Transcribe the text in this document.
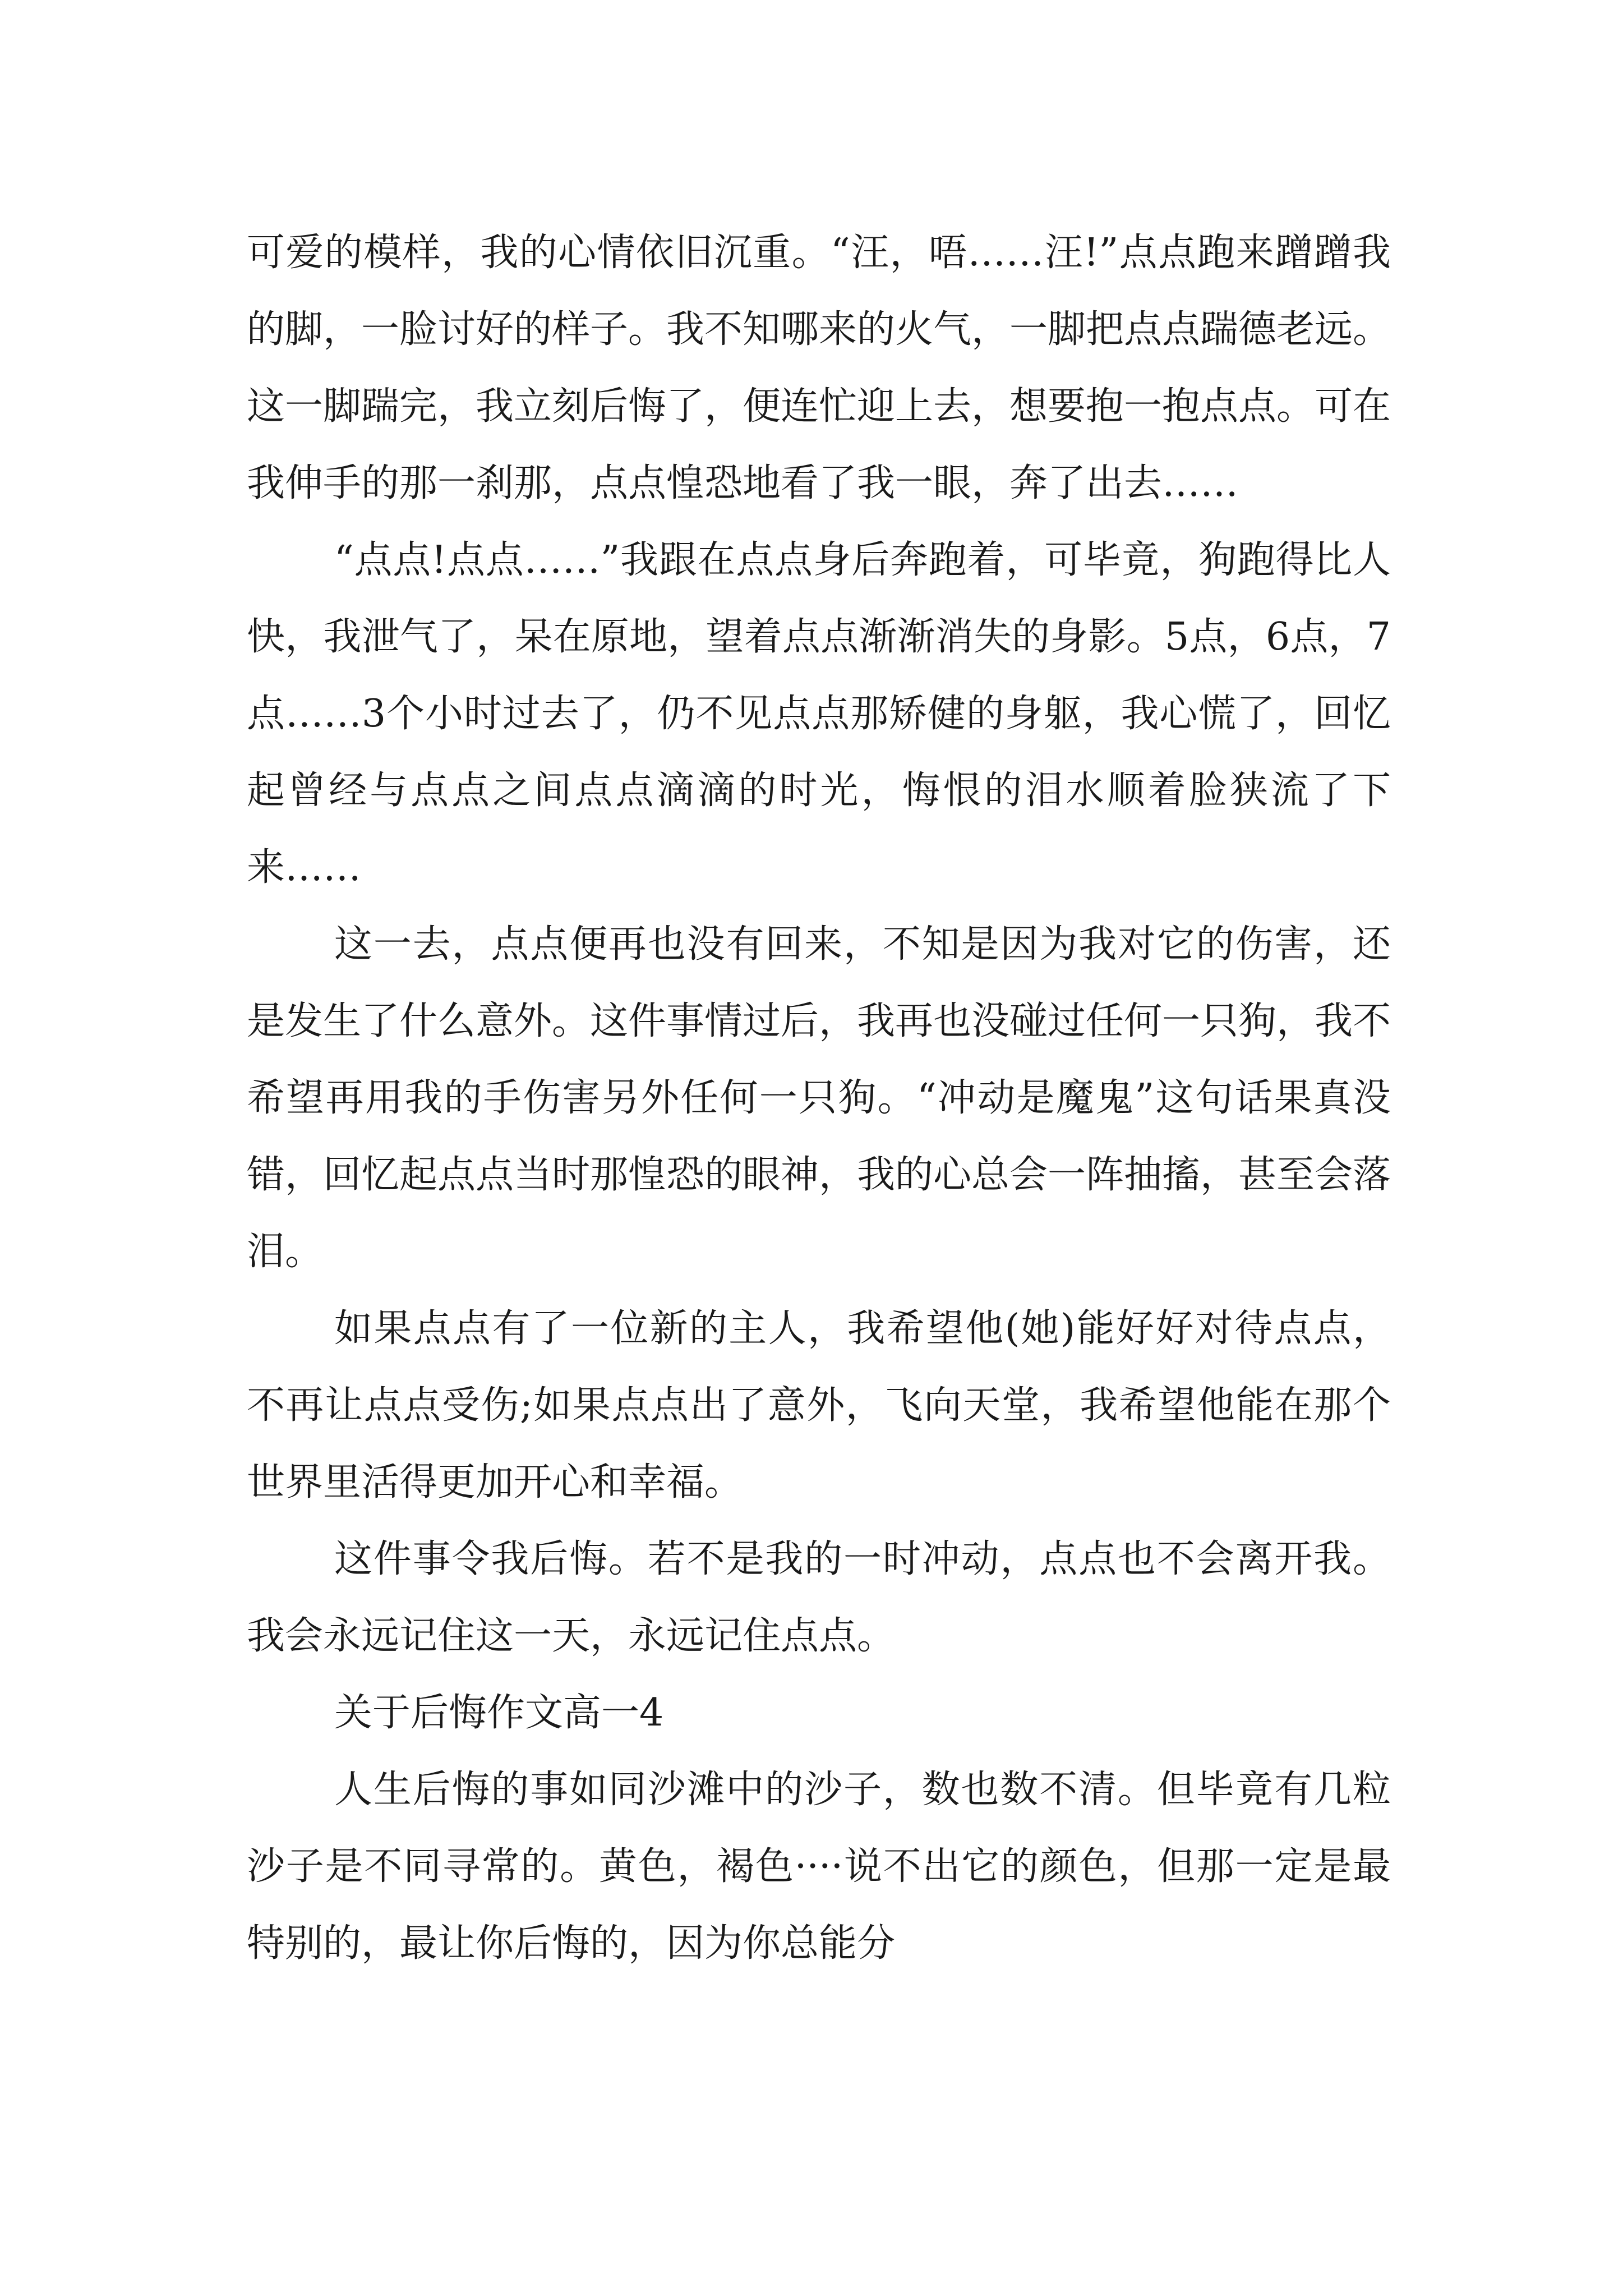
可爱的模样，我的心情依旧沉重。“汪，唔……汪!”点点跑来蹭蹭我的脚，一脸讨好的样子。我不知哪来的火气，一脚把点点踹德老远。这一脚踹完，我立刻后悔了，便连忙迎上去，想要抱一抱点点。可在我伸手的那一刹那，点点惶恐地看了我一眼，奔了出去……

“点点!点点……”我跟在点点身后奔跑着，可毕竟，狗跑得比人快，我泄气了，呆在原地，望着点点渐渐消失的身影。5点，6点，7点……3个小时过去了，仍不见点点那矫健的身躯，我心慌了，回忆起曾经与点点之间点点滴滴的时光，悔恨的泪水顺着脸狭流了下来……

这一去，点点便再也没有回来，不知是因为我对它的伤害，还是发生了什么意外。这件事情过后，我再也没碰过任何一只狗，我不希望再用我的手伤害另外任何一只狗。“冲动是魔鬼”这句话果真没错，回忆起点点当时那惶恐的眼神，我的心总会一阵抽搐，甚至会落泪。

如果点点有了一位新的主人，我希望他(她)能好好对待点点，不再让点点受伤;如果点点出了意外，飞向天堂，我希望他能在那个世界里活得更加开心和幸福。

这件事令我后悔。若不是我的一时冲动，点点也不会离开我。我会永远记住这一天，永远记住点点。

关于后悔作文高一4

人生后悔的事如同沙滩中的沙子，数也数不清。但毕竟有几粒沙子是不同寻常的。黄色，褐色····说不出它的颜色，但那一定是最特别的，最让你后悔的，因为你总能分
